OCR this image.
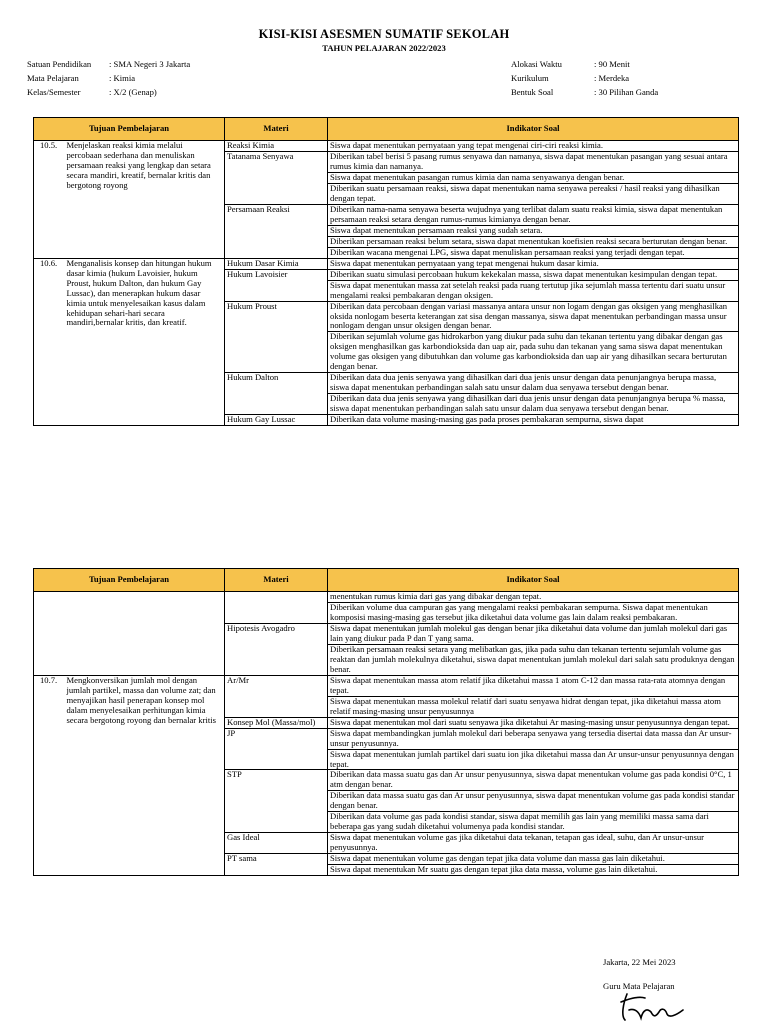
KISI-KISI ASESMEN SUMATIF SEKOLAH
TAHUN PELAJARAN 2022/2023
Satuan Pendidikan	: SMA Negeri 3 Jakarta
Mata Pelajaran	: Kimia
Kelas/Semester	: X/2 (Genap)
Alokasi Waktu	: 90 Menit
Kurikulum	: Merdeka
Bentuk Soal	: 30 Pilihan Ganda
Tujuan Pembelajaran		Materi	Indikator Soal
10.5.	Menjelaskan reaksi kimia melalui percobaan sederhana dan menuliskan persamaan reaksi yang lengkap dan setara secara mandiri, kreatif, bernalar kritis dan bergotong royong	Reaksi Kimia	Siswa dapat menentukan pernyataan yang tepat mengenai ciri-ciri reaksi kimia.
		Tatanama Senyawa	Diberikan tabel berisi 5 pasang rumus senyawa dan namanya, siswa dapat menentukan pasangan yang sesuai antara rumus kimia dan namanya.
			Siswa dapat menentukan pasangan rumus kimia dan nama senyawanya dengan benar.
			Diberikan suatu persamaan reaksi, siswa dapat menentukan nama senyawa pereaksi / hasil reaksi yang dihasilkan dengan tepat.
		Persamaan Reaksi	Diberikan nama-nama senyawa beserta wujudnya yang terlibat dalam suatu reaksi kimia, siswa dapat menentukan persamaan reaksi setara dengan rumus-rumus kimianya dengan benar.
			Siswa dapat menentukan persamaan reaksi yang sudah setara.
			Diberikan persamaan reaksi belum setara, siswa dapat menentukan koefisien reaksi secara berturutan dengan benar.
			Diberikan wacana mengenai LPG, siswa dapat menuliskan persamaan reaksi yang terjadi dengan tepat.
10.6.	Menganalisis konsep dan hitungan hukum dasar kimia (hukum Lavoisier, hukum Proust, hukum Dalton, dan hukum Gay Lussac), dan menerapkan hukum dasar kimia untuk menyelesaikan kasus dalam kehidupan sehari-hari secara mandiri,bernalar kritis, dan kreatif.	Hukum Dasar Kimia	Siswa dapat menentukan pernyataan yang tepat mengenai hukum dasar kimia.
		Hukum Lavoisier	Diberikan suatu simulasi percobaan hukum kekekalan massa, siswa dapat menentukan kesimpulan dengan tepat.
			Siswa dapat menentukan massa zat setelah reaksi pada ruang tertutup jika sejumlah massa tertentu dari suatu unsur mengalami reaksi pembakaran dengan oksigen.
		Hukum Proust	Diberikan data percobaan dengan variasi massanya antara unsur non logam dengan gas oksigen yang menghasilkan oksida nonlogam beserta keterangan zat sisa dengan massanya, siswa dapat menentukan perbandingan massa unsur nonlogam dengan unsur oksigen dengan benar.
			Diberikan sejumlah volume gas hidrokarbon yang diukur pada suhu dan tekanan tertentu yang dibakar dengan gas oksigen menghasilkan gas karbondioksida dan uap air, pada suhu dan tekanan yang sama siswa dapat menentukan volume gas oksigen yang dibutuhkan dan volume gas karbondioksida dan uap air yang dihasilkan secara berturutan dengan benar.
		Hukum Dalton	Diberikan data dua jenis senyawa yang dihasilkan dari dua jenis unsur dengan data penunjangnya berupa massa, siswa dapat menentukan perbandingan salah satu unsur dalam dua senyawa tersebut dengan benar.
			Diberikan data dua jenis senyawa yang dihasilkan dari dua jenis unsur dengan data penunjangnya berupa % massa, siswa dapat menentukan perbandingan salah satu unsur dalam dua senyawa tersebut dengan benar.
		Hukum Gay Lussac	Diberikan data volume masing-masing gas pada proses pembakaran sempurna, siswa dapat
Tujuan Pembelajaran		Materi	Indikator Soal
			menentukan rumus kimia dari gas yang dibakar dengan tepat.
			Diberikan volume dua campuran gas yang mengalami reaksi pembakaran sempurna. Siswa dapat menentukan komposisi masing-masing gas tersebut jika diketahui data volume gas lain dalam reaksi pembakaran.
		Hipotesis Avogadro	Siswa dapat menentukan jumlah molekul gas dengan benar jika diketahui data volume dan jumlah molekul dari gas lain yang diukur pada P dan T yang sama.
			Diberikan persamaan reaksi setara yang melibatkan gas, jika pada suhu dan tekanan tertentu sejumlah volume gas reaktan dan jumlah molekulnya diketahui, siswa dapat menentukan jumlah molekul dari salah satu produknya dengan benar.
10.7.	Mengkonversikan jumlah mol dengan jumlah partikel, massa dan volume zat; dan menyajikan hasil penerapan konsep mol dalam menyelesaikan perhitungan kimia secara bergotong royong dan bernalar kritis	Ar/Mr	Siswa dapat menentukan massa atom relatif jika diketahui massa 1 atom C-12 dan massa rata-rata atomnya dengan tepat.
			Siswa dapat menentukan massa molekul relatif dari suatu senyawa hidrat dengan tepat, jika diketahui massa atom relatif masing-masing unsur penyusunnya
		Konsep Mol (Massa/mol)	Siswa dapat menentukan mol dari suatu senyawa jika diketahui Ar masing-masing unsur penyusunnya dengan tepat.
		JP	Siswa dapat membandingkan jumlah molekul dari beberapa senyawa yang tersedia disertai data massa dan Ar unsur-unsur penyusunnya.
			Siswa dapat menentukan jumlah partikel dari suatu ion jika diketahui massa dan Ar unsur-unsur penyusunnya dengan tepat.
		STP	Diberikan data massa suatu gas dan Ar unsur penyusunnya, siswa dapat menentukan volume gas pada kondisi 0°C, 1 atm dengan benar.
			Diberikan data massa suatu gas dan Ar unsur penyusunnya, siswa dapat menentukan volume gas pada kondisi standar dengan benar.
			Diberikan data volume gas pada kondisi standar, siswa dapat memilih gas lain yang memiliki massa sama dari beberapa gas yang sudah diketahui volumenya pada kondisi standar.
		Gas Ideal	Siswa dapat menentukan volume gas jika diketahui data tekanan, tetapan gas ideal, suhu, dan Ar unsur-unsur penyusunnya.
		PT sama	Siswa dapat menentukan volume gas dengan tepat jika data volume dan massa gas lain diketahui.
			Siswa dapat menentukan Mr suatu gas dengan tepat jika data massa, volume gas lain diketahui.
Jakarta, 22 Mei 2023
Guru Mata Pelajaran
